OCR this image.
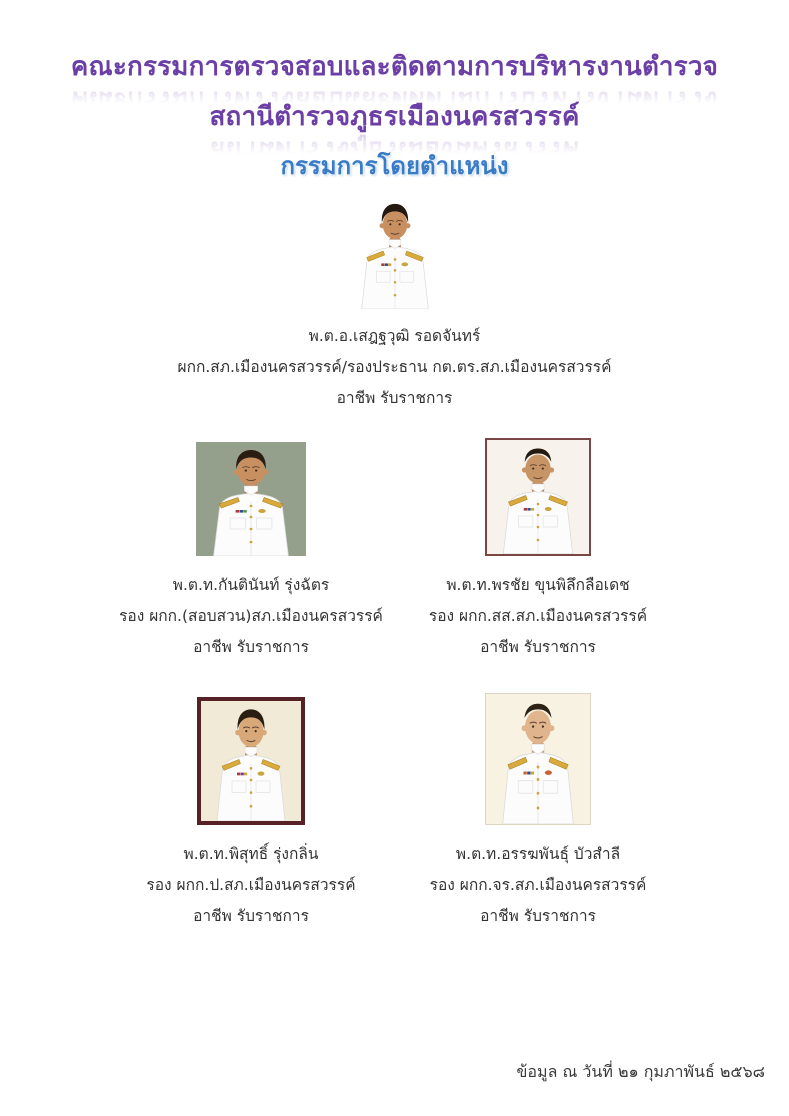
คณะกรรมการตรวจสอบและติดตามการบริหารงานตำรวจ คณะกรรมการตรวจสอบและติดตามการบริหารงานตำรวจ
สถานีตำรวจภูธรเมืองนครสวรรค์ สถานีตำรวจภูธรเมืองนครสวรรค์
กรรมการโดยตำแหน่ง

พ.ต.อ.เสฎฐวุฒิ รอดจันทร์

ผกก.สภ.เมืองนครสวรรค์/รองประธาน กต.ตร.สภ.เมืองนครสวรรค์

อาชีพ รับราชการ

พ.ต.ท.กันตินันท์ รุ่งฉัตร

รอง ผกก.(สอบสวน)สภ.เมืองนครสวรรค์

อาชีพ รับราชการ

พ.ต.ท.พรชัย ขุนพิลึกลือเดช

รอง ผกก.สส.สภ.เมืองนครสวรรค์

อาชีพ รับราชการ

พ.ต.ท.พิสุทธิ์ รุ่งกลิ่น

รอง ผกก.ป.สภ.เมืองนครสวรรค์

อาชีพ รับราชการ

พ.ต.ท.อรรฆพันธุ์ บัวสำลี

รอง ผกก.จร.สภ.เมืองนครสวรรค์

อาชีพ รับราชการ

ข้อมูล ณ วันที่ ๒๑ กุมภาพันธ์ ๒๕๖๘
